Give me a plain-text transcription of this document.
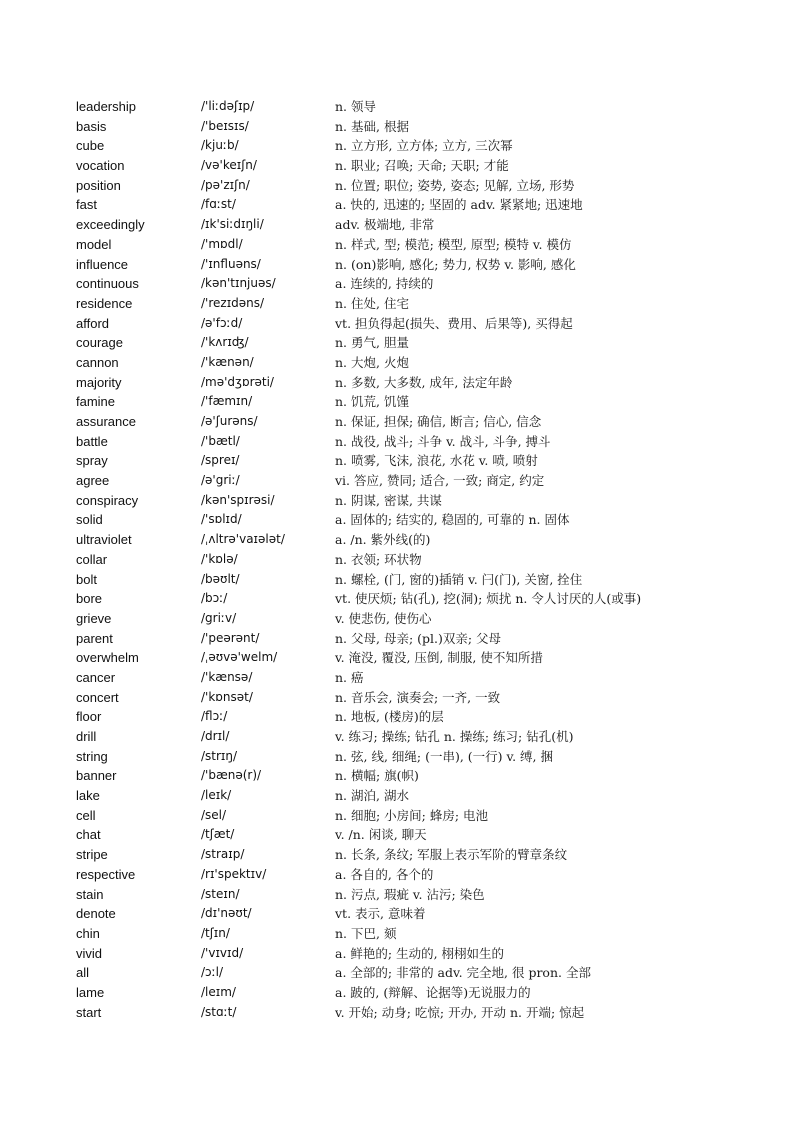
leadership	/'liːdəʃɪp/	n. 领导
basis	/'beɪsɪs/	n. 基础, 根据
cube	/kjuːb/	n. 立方形, 立方体; 立方, 三次幂
vocation	/və'keɪʃn/	n. 职业; 召唤; 天命; 天职; 才能
position	/pə'zɪʃn/	n. 位置; 职位; 姿势, 姿态; 见解, 立场, 形势
fast	/fɑːst/	a. 快的, 迅速的; 坚固的 adv. 紧紧地; 迅速地
exceedingly	/ɪk'siːdɪŋli/	adv. 极端地, 非常
model	/'mɒdl/	n. 样式, 型; 模范; 模型, 原型; 模特 v. 模仿
influence	/'ɪnfluəns/	n. (on)影响, 感化; 势力, 权势 v. 影响, 感化
continuous	/kən'tɪnjuəs/	a. 连续的, 持续的
residence	/'rezɪdəns/	n. 住处, 住宅
afford	/ə'fɔːd/	vt. 担负得起(损失、费用、后果等), 买得起
courage	/'kʌrɪʤ/	n. 勇气, 胆量
cannon	/'kænən/	n. 大炮, 火炮
majority	/mə'dʒɒrəti/	n. 多数, 大多数, 成年, 法定年龄
famine	/'fæmɪn/	n. 饥荒, 饥馑
assurance	/ə'ʃurəns/	n. 保证, 担保; 确信, 断言; 信心, 信念
battle	/'bætl/	n. 战役, 战斗; 斗争 v. 战斗, 斗争, 搏斗
spray	/spreɪ/	n. 喷雾, 飞沫, 浪花, 水花 v. 喷, 喷射
agree	/ə'griː/	vi. 答应, 赞同; 适合, 一致; 商定, 约定
conspiracy	/kən'spɪrəsi/	n. 阴谋, 密谋, 共谋
solid	/'sɒlɪd/	a. 固体的; 结实的, 稳固的, 可靠的 n. 固体
ultraviolet	/ˌʌltrə'vaɪələt/	a. /n. 紫外线(的)
collar	/'kɒlə/	n. 衣领; 环状物
bolt	/bəʊlt/	n. 螺栓, (门, 窗的)插销 v. 闩(门), 关窗, 拴住
bore	/bɔː/	vt. 使厌烦; 钻(孔), 挖(洞); 烦扰 n. 令人讨厌的人(或事)
grieve	/griːv/	v. 使悲伤, 使伤心
parent	/'peərənt/	n. 父母, 母亲; (pl.)双亲; 父母
overwhelm	/ˌəʊvə'welm/	v. 淹没, 覆没, 压倒, 制服, 使不知所措
cancer	/'kænsə/	n. 癌
concert	/'kɒnsət/	n. 音乐会, 演奏会; 一齐, 一致
floor	/flɔː/	n. 地板, (楼房)的层
drill	/drɪl/	v. 练习; 操练; 钻孔 n. 操练; 练习; 钻孔(机)
string	/strɪŋ/	n. 弦, 线, 细绳; (一串), (一行) v. 缚, 捆
banner	/'bænə(r)/	n. 横幅; 旗(帜)
lake	/leɪk/	n. 湖泊, 湖水
cell	/sel/	n. 细胞; 小房间; 蜂房; 电池
chat	/tʃæt/	v. /n. 闲谈, 聊天
stripe	/straɪp/	n. 长条, 条纹; 军服上表示军阶的臂章条纹
respective	/rɪ'spektɪv/	a. 各自的, 各个的
stain	/steɪn/	n. 污点, 瑕疵 v. 沾污; 染色
denote	/dɪ'nəʊt/	vt. 表示, 意味着
chin	/tʃɪn/	n. 下巴, 颏
vivid	/'vɪvɪd/	a. 鲜艳的; 生动的, 栩栩如生的
all	/ɔːl/	a. 全部的; 非常的 adv. 完全地, 很 pron. 全部
lame	/leɪm/	a. 跛的, (辩解、论据等)无说服力的
start	/stɑːt/	v. 开始; 动身; 吃惊; 开办, 开动 n. 开端; 惊起
